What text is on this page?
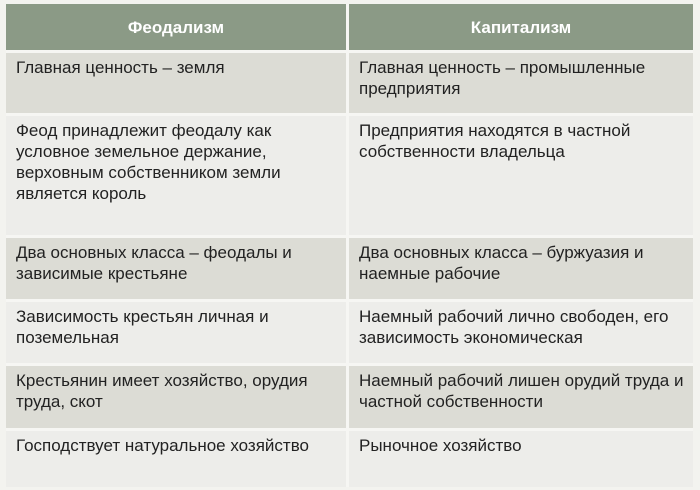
Феодализм	Капитализм
Главная ценность – земля	Главная ценность – промышленные предприятия
Феод принадлежит феодалу как условное земельное держание, верховным собственником земли является король	Предприятия находятся в частной собственности владельца
Два основных класса – феодалы и зависимые крестьяне	Два основных класса – буржуазия и наемные рабочие
Зависимость крестьян личная и поземельная	Наемный рабочий лично свободен, его зависимость экономическая
Крестьянин имеет хозяйство, орудия труда, скот	Наемный рабочий лишен орудий труда и частной собственности
Господствует натуральное хозяйство	Рыночное хозяйство
